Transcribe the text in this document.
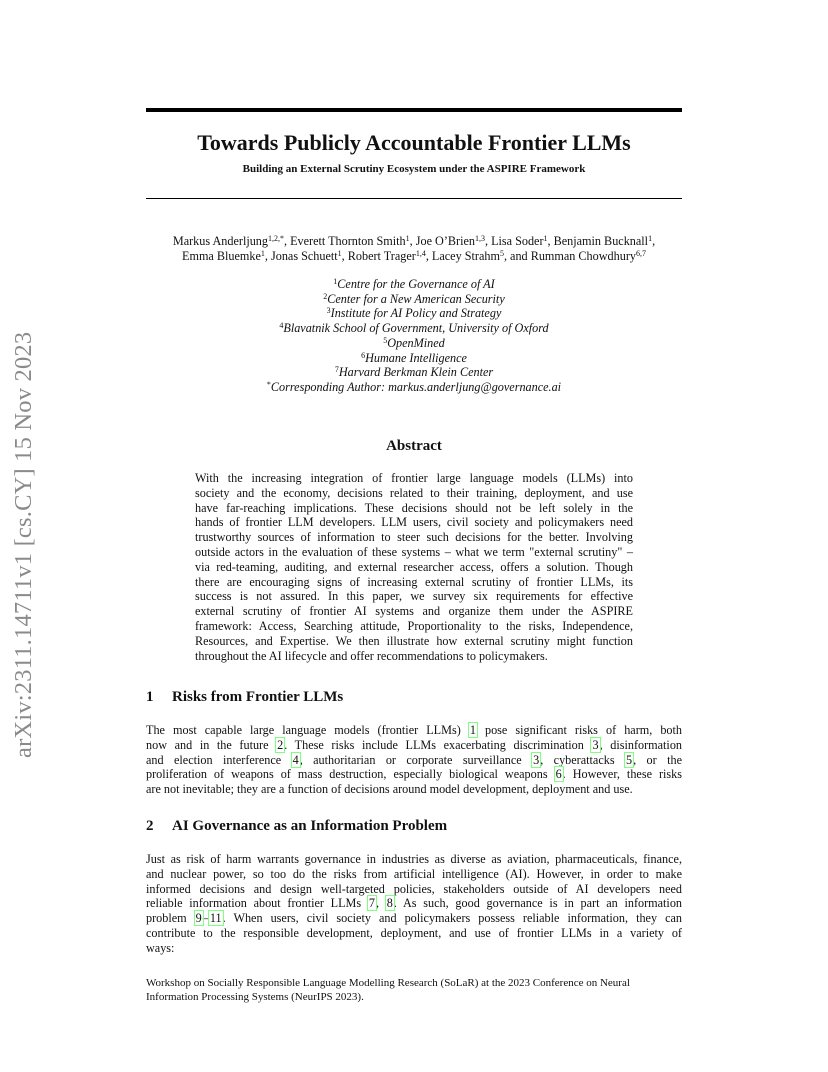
arXiv:2311.14711v1 [cs.CY] 15 Nov 2023
Towards Publicly Accountable Frontier LLMs
Building an External Scrutiny Ecosystem under the ASPIRE Framework
Markus Anderljung$^{1,2,*}$, Everett Thornton Smith$^1$, Joe O’Brien$^{1,3}$, Lisa Soder$^1$, Benjamin Bucknall$^1$,
Emma Bluemke$^1$, Jonas Schuett$^1$, Robert Trager$^{1,4}$, Lacey Strahm$^5$, and Rumman Chowdhury$^{6,7}$
$^1$Centre for the Governance of AI
$^2$Center for a New American Security
$^3$Institute for AI Policy and Strategy
$^4$Blavatnik School of Government, University of Oxford
$^5$OpenMined
$^6$Humane Intelligence
$^7$Harvard Berkman Klein Center
*Corresponding Author: markus.anderljung@governance.ai
Abstract
With the increasing integration of frontier large language models (LLMs) into
society and the economy, decisions related to their training, deployment, and use
have far-reaching implications. These decisions should not be left solely in the
hands of frontier LLM developers. LLM users, civil society and policymakers need
trustworthy sources of information to steer such decisions for the better. Involving
outside actors in the evaluation of these systems – what we term "external scrutiny" –
via red-teaming, auditing, and external researcher access, offers a solution. Though
there are encouraging signs of increasing external scrutiny of frontier LLMs, its
success is not assured. In this paper, we survey six requirements for effective
external scrutiny of frontier AI systems and organize them under the ASPIRE
framework: Access, Searching attitude, Proportionality to the risks, Independence,
Resources, and Expertise. We then illustrate how external scrutiny might function
throughout the AI lifecycle and offer recommendations to policymakers.
1 Risks from Frontier LLMs
The most capable large language models (frontier LLMs) 1 pose significant risks of harm, both
now and in the future 2. These risks include LLMs exacerbating discrimination 3, disinformation
and election interference 4, authoritarian or corporate surveillance 3, cyberattacks 5, or the
proliferation of weapons of mass destruction, especially biological weapons 6. However, these risks
are not inevitable; they are a function of decisions around model development, deployment and use.
2 AI Governance as an Information Problem
Just as risk of harm warrants governance in industries as diverse as aviation, pharmaceuticals, finance,
and nuclear power, so too do the risks from artificial intelligence (AI). However, in order to make
informed decisions and design well-targeted policies, stakeholders outside of AI developers need
reliable information about frontier LLMs 7, 8. As such, good governance is in part an information
problem 9–11. When users, civil society and policymakers possess reliable information, they can
contribute to the responsible development, deployment, and use of frontier LLMs in a variety of
ways:
Workshop on Socially Responsible Language Modelling Research (SoLaR) at the 2023 Conference on Neural
Information Processing Systems (NeurIPS 2023).
